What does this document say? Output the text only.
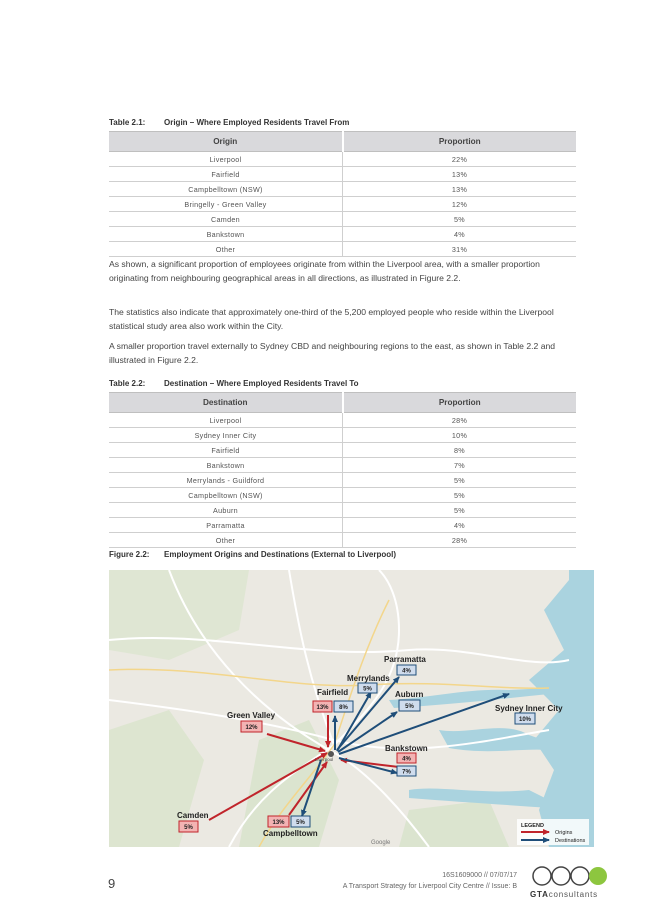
Table 2.1: Origin – Where Employed Residents Travel From
Origin	Proportion
Liverpool	22%
Fairfield	13%
Campbelltown (NSW)	13%
Bringelly - Green Valley	12%
Camden	5%
Bankstown	4%
Other	31%

As shown, a significant proportion of employees originate from within the Liverpool area, with a smaller proportion originating from neighbouring geographical areas in all directions, as illustrated in Figure 2.2.

The statistics also indicate that approximately one-third of the 5,200 employed people who reside within the Liverpool statistical study area also work within the City.

A smaller proportion travel externally to Sydney CBD and neighbouring regions to the east, as shown in Table 2.2 and illustrated in Figure 2.2.

Table 2.2: Destination – Where Employed Residents Travel To
Destination	Proportion
Liverpool	28%
Sydney Inner City	10%
Fairfield	8%
Bankstown	7%
Merrylands - Guildford	5%
Campbelltown (NSW)	5%
Auburn	5%
Parramatta	4%
Other	28%
Figure 2.2: Employment Origins and Destinations (External to Liverpool)
Liverpool
Parramatta
Merrylands
Fairfield	Auburn
Green Valley
Sydney Inner City
Bankstown
Camden
Campbelltown
4%
5%
13% 8%	5%
12%
10%
4%
7%
5%
13% 5%
LEGEND
Origins
Destinations
Google
9
16S1609000 // 07/07/17
A Transport Strategy for Liverpool City Centre // Issue: B
GTAconsultants
